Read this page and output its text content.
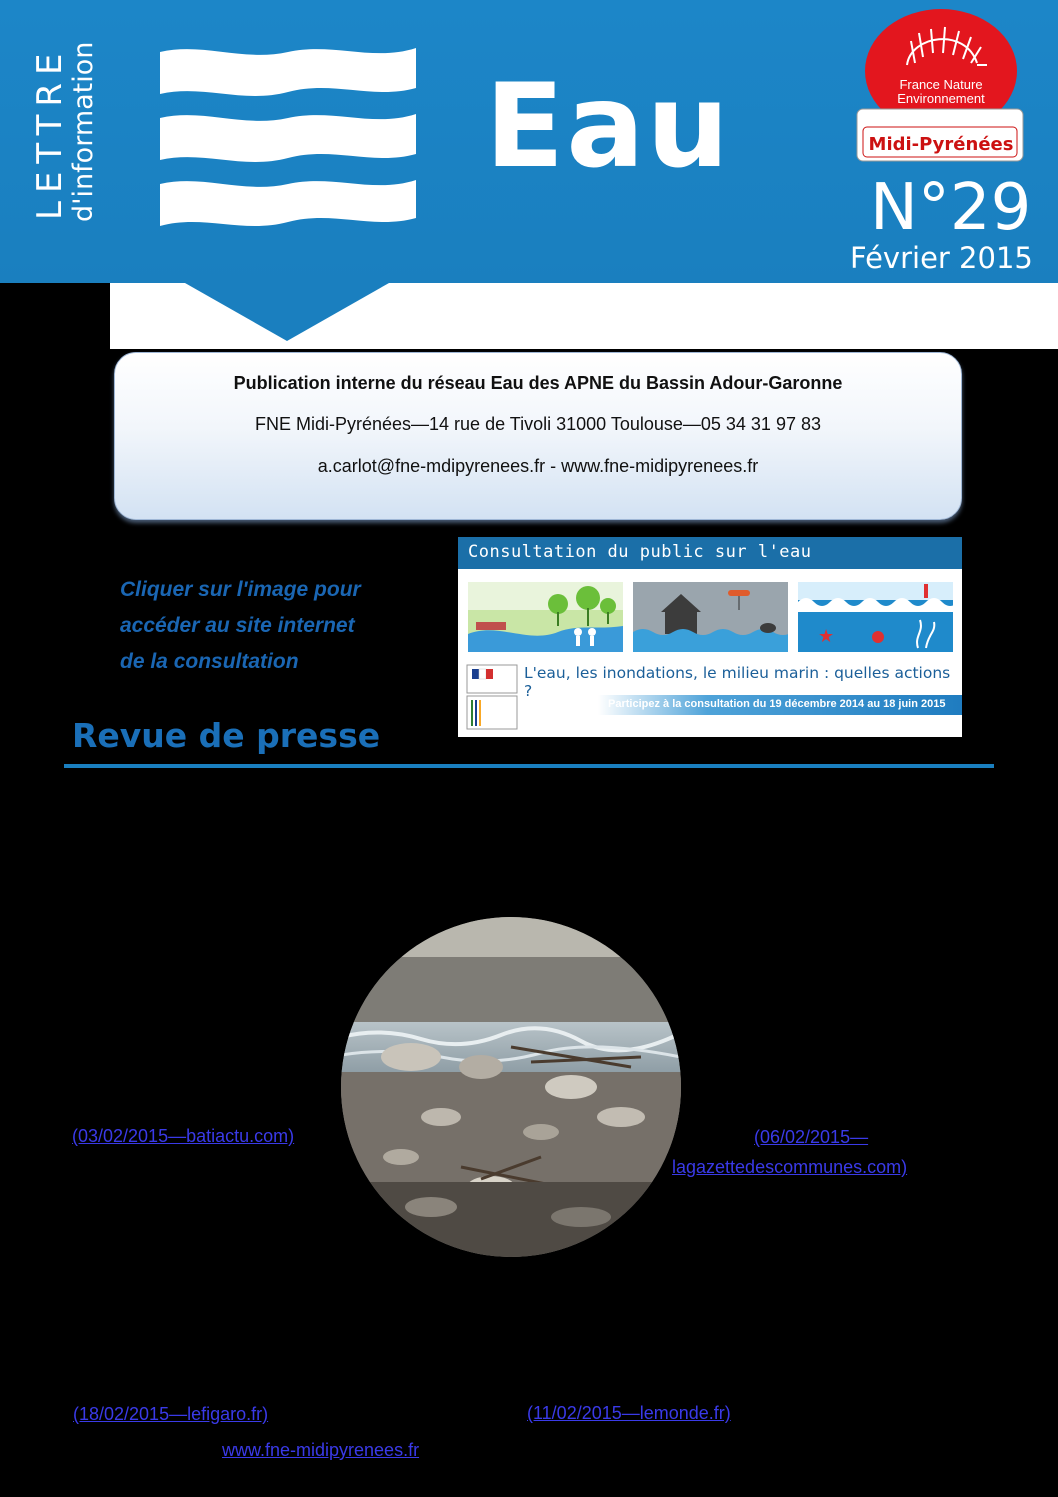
LETTRE
d'information	Eau	France Nature
Environnement
Midi-Pyrénées
N°29
Février 2015
Publication interne du réseau Eau des APNE du Bassin Adour-Garonne
FNE Midi-Pyrénées—14 rue de Tivoli 31000 Toulouse—05 34 31 97 83
a.carlot@fne-mdipyrenees.fr - www.fne-midipyrenees.fr
Cliquer sur l'image pour
accéder au site internet
de la consultation
Consultation du public sur l'eau
★
L'eau, les inondations, le milieu marin : quelles actions ?
Participez à la consultation du 19 décembre 2014 au 18 juin 2015
Revue de presse
(03/02/2015—batiactu.com)	(06/02/2015—
lagazettedescommunes.com)
(18/02/2015—lefigaro.fr)	(11/02/2015—lemonde.fr)
www.fne-midipyrenees.fr
